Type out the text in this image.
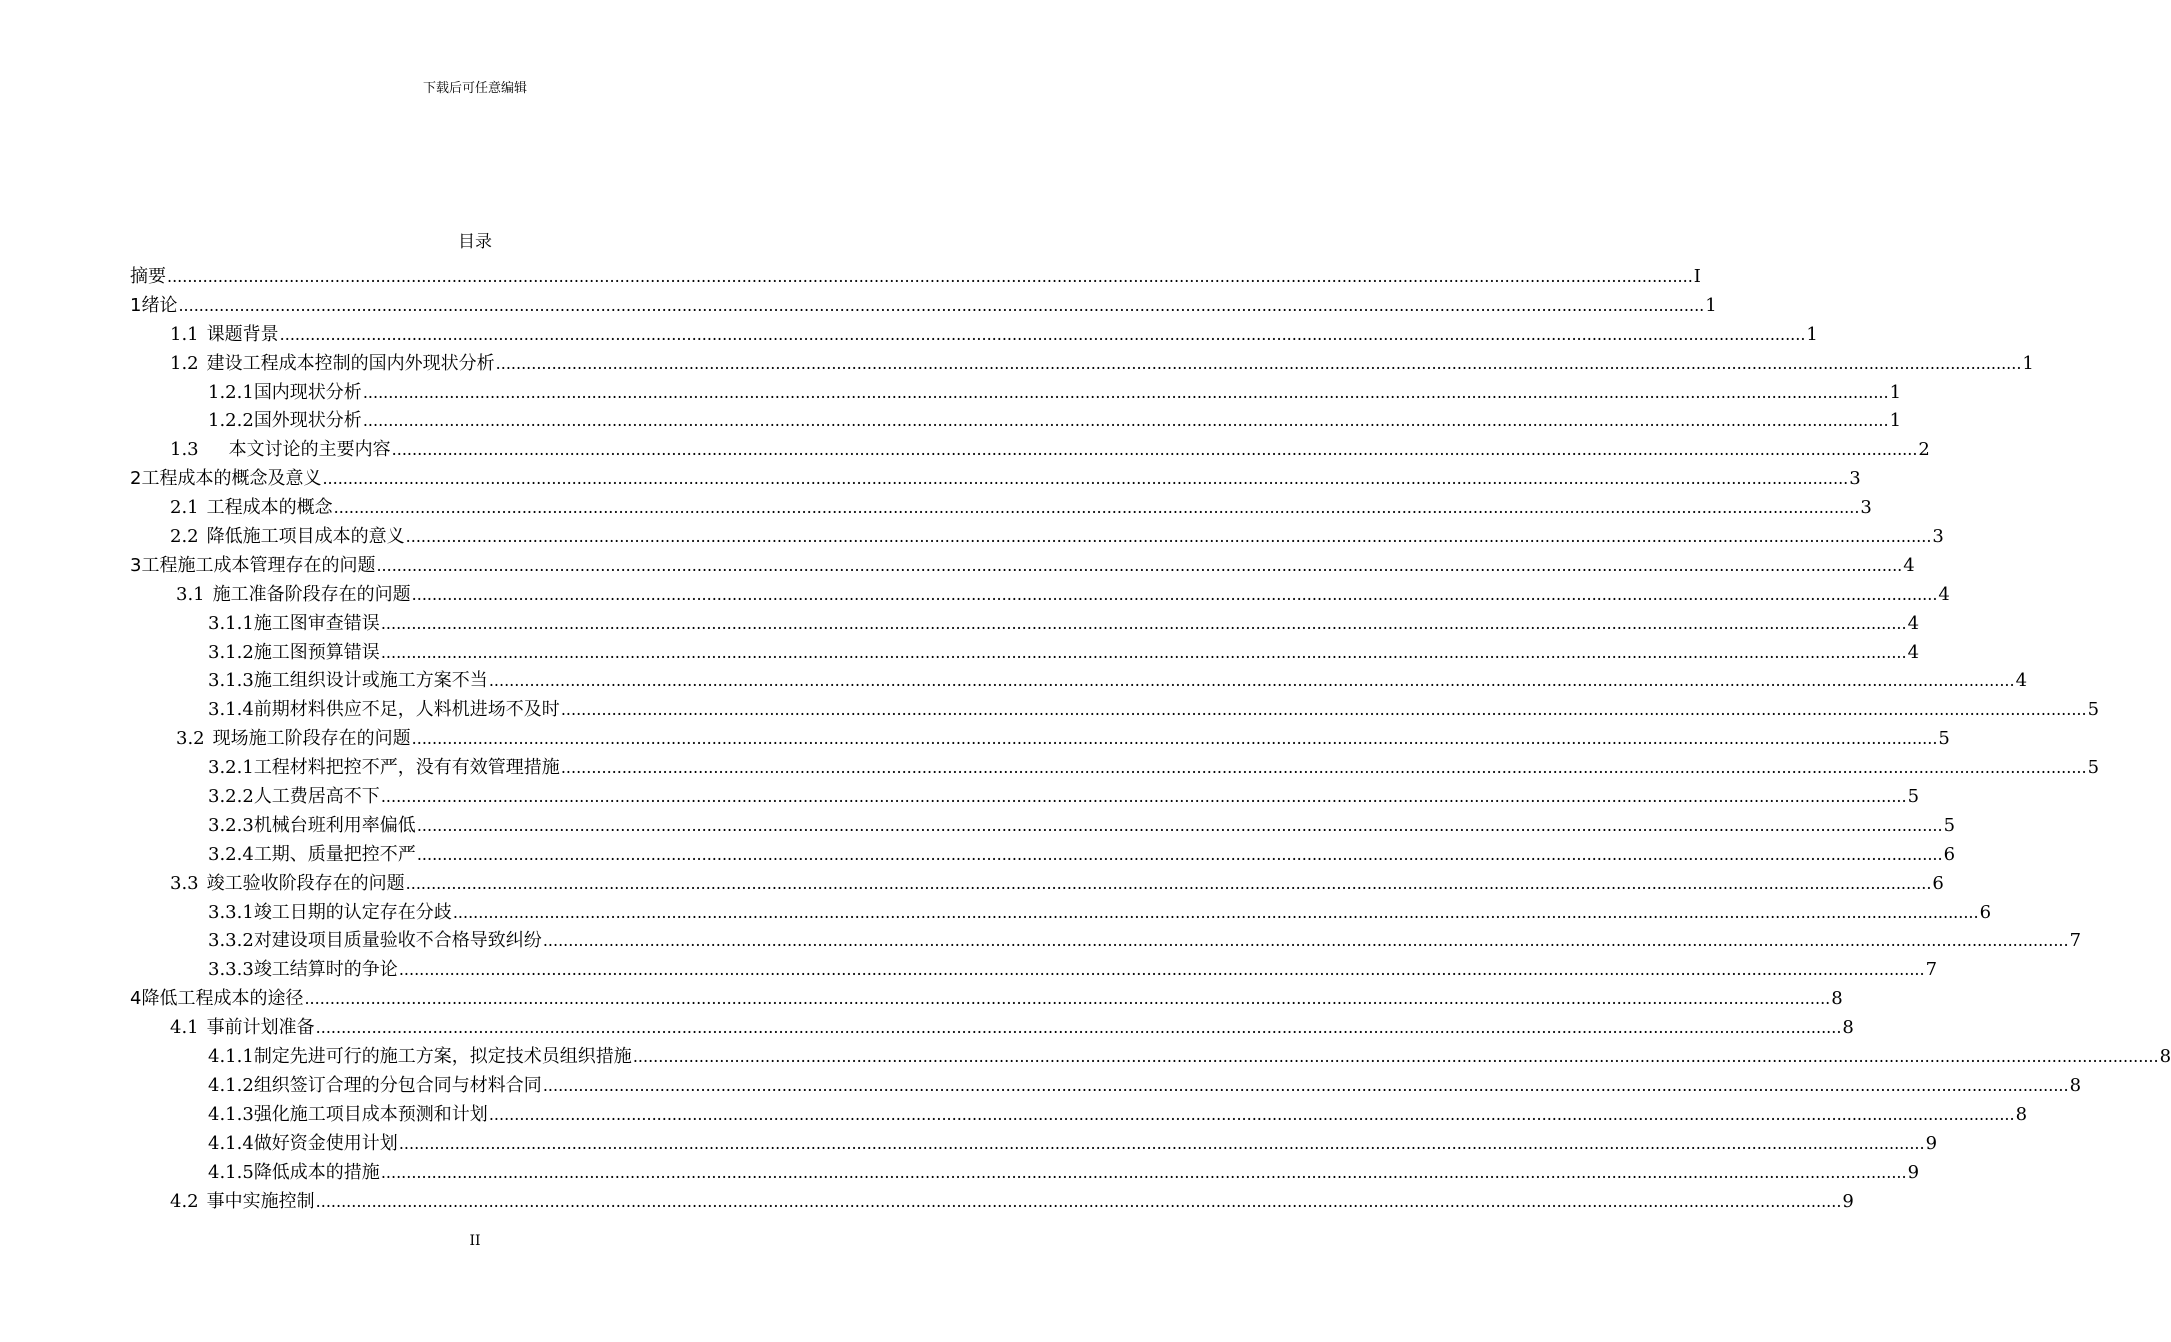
下载后可任意编辑
目录
摘要 ............................................................................................................................................................................................................................................................................................................ I
1 绪论 ............................................................................................................................................................................................................................................................................................................ 1
1.1 课题背景 ............................................................................................................................................................................................................................................................................................................ 1
1.2 建设工程成本控制的国内外现状分析 ............................................................................................................................................................................................................................................................................................................ 1
1.2.1 国内现状分析 ............................................................................................................................................................................................................................................................................................................ 1
1.2.2 国外现状分析 ............................................................................................................................................................................................................................................................................................................ 1
1.3 本文讨论的主要内容 ............................................................................................................................................................................................................................................................................................................ 2
2 工程成本的概念及意义 ............................................................................................................................................................................................................................................................................................................ 3
2.1 工程成本的概念 ............................................................................................................................................................................................................................................................................................................ 3
2.2 降低施工项目成本的意义 ............................................................................................................................................................................................................................................................................................................ 3
3 工程施工成本管理存在的问题 ............................................................................................................................................................................................................................................................................................................ 4
3.1 施工准备阶段存在的问题 ............................................................................................................................................................................................................................................................................................................ 4
3.1.1 施工图审查错误 ............................................................................................................................................................................................................................................................................................................ 4
3.1.2 施工图预算错误 ............................................................................................................................................................................................................................................................................................................ 4
3.1.3 施工组织设计或施工方案不当 ............................................................................................................................................................................................................................................................................................................ 4
3.1.4 前期材料供应不足，人料机进场不及时 ............................................................................................................................................................................................................................................................................................................ 5
3.2 现场施工阶段存在的问题 ............................................................................................................................................................................................................................................................................................................ 5
3.2.1 工程材料把控不严，没有有效管理措施 ............................................................................................................................................................................................................................................................................................................ 5
3.2.2 人工费居高不下 ............................................................................................................................................................................................................................................................................................................ 5
3.2.3 机械台班利用率偏低 ............................................................................................................................................................................................................................................................................................................ 5
3.2.4 工期、质量把控不严 ............................................................................................................................................................................................................................................................................................................ 6
3.3 竣工验收阶段存在的问题 ............................................................................................................................................................................................................................................................................................................ 6
3.3.1 竣工日期的认定存在分歧 ............................................................................................................................................................................................................................................................................................................ 6
3.3.2 对建设项目质量验收不合格导致纠纷 ............................................................................................................................................................................................................................................................................................................ 7
3.3.3 竣工结算时的争论 ............................................................................................................................................................................................................................................................................................................ 7
4 降低工程成本的途径 ............................................................................................................................................................................................................................................................................................................ 8
4.1 事前计划准备 ............................................................................................................................................................................................................................................................................................................ 8
4.1.1 制定先进可行的施工方案，拟定技术员组织措施 ............................................................................................................................................................................................................................................................................................................ 8
4.1.2 组织签订合理的分包合同与材料合同 ............................................................................................................................................................................................................................................................................................................ 8
4.1.3 强化施工项目成本预测和计划 ............................................................................................................................................................................................................................................................................................................ 8
4.1.4 做好资金使用计划 ............................................................................................................................................................................................................................................................................................................ 9
4.1.5 降低成本的措施 ............................................................................................................................................................................................................................................................................................................ 9
4.2 事中实施控制 ............................................................................................................................................................................................................................................................................................................ 9
II
